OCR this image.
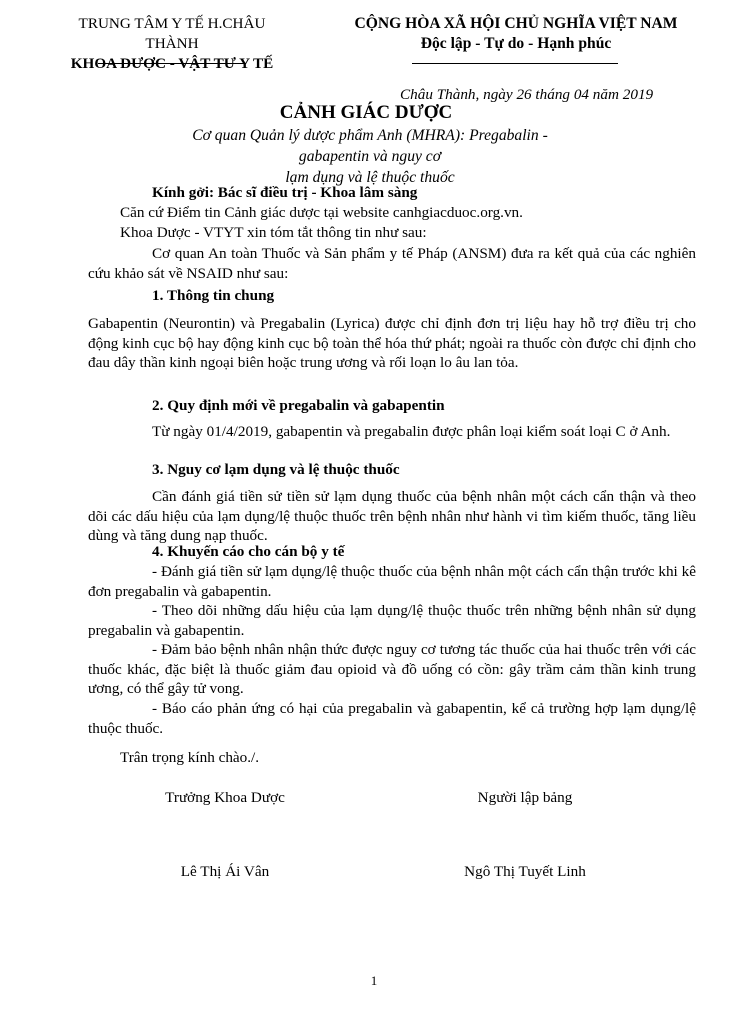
TRUNG TÂM Y TẾ H.CHÂU THÀNH
KHOA DƯỢC - VẬT TƯ Y TẾ
CỘNG HÒA XÃ HỘI CHỦ NGHĨA VIỆT NAM
Độc lập - Tự do - Hạnh phúc
Châu Thành, ngày 26 tháng 04 năm 2019
CẢNH GIÁC DƯỢC
Cơ quan Quản lý dược phẩm Anh (MHRA): Pregabalin - gabapentin và nguy cơ
lạm dụng và lệ thuộc thuốc
Kính gởi: Bác sĩ điều trị - Khoa lâm sàng
Căn cứ Điểm tin Cảnh giác dược tại website canhgiacduoc.org.vn.
Khoa Dược - VTYT xin tóm tắt thông tin như sau:
Cơ quan An toàn Thuốc và Sản phẩm y tế Pháp (ANSM) đưa ra kết quả của các nghiên cứu khảo sát về NSAID như sau:
1. Thông tin chung
Gabapentin (Neurontin) và Pregabalin (Lyrica) được chỉ định đơn trị liệu hay hỗ trợ điều trị cho động kinh cục bộ hay động kinh cục bộ toàn thể hóa thứ phát; ngoài ra thuốc còn được chỉ định cho đau dây thần kinh ngoại biên hoặc trung ương và rối loạn lo âu lan tỏa.
2. Quy định mới về pregabalin và gabapentin
Từ ngày 01/4/2019, gabapentin và pregabalin được phân loại kiểm soát loại C ở Anh.
3. Nguy cơ lạm dụng và lệ thuộc thuốc
Cần đánh giá tiền sử tiền sử lạm dụng thuốc của bệnh nhân một cách cẩn thận và theo dõi các dấu hiệu của lạm dụng/lệ thuộc thuốc trên bệnh nhân như hành vi tìm kiếm thuốc, tăng liều dùng và tăng dung nạp thuốc.
4. Khuyến cáo cho cán bộ y tế
- Đánh giá tiền sử lạm dụng/lệ thuộc thuốc của bệnh nhân một cách cẩn thận trước khi kê đơn pregabalin và gabapentin.
- Theo dõi những dấu hiệu của lạm dụng/lệ thuộc thuốc trên những bệnh nhân sử dụng pregabalin và gabapentin.
- Đảm bảo bệnh nhân nhận thức được nguy cơ tương tác thuốc của hai thuốc trên với các thuốc khác, đặc biệt là thuốc giảm đau opioid và đồ uống có cồn: gây trầm cảm thần kinh trung ương, có thể gây tử vong.
- Báo cáo phản ứng có hại của pregabalin và gabapentin, kể cả trường hợp lạm dụng/lệ thuộc thuốc.
Trân trọng kính chào./.
Trưởng Khoa Dược	Người lập bảng
Lê Thị Ái Vân	Ngô Thị Tuyết Linh
1
